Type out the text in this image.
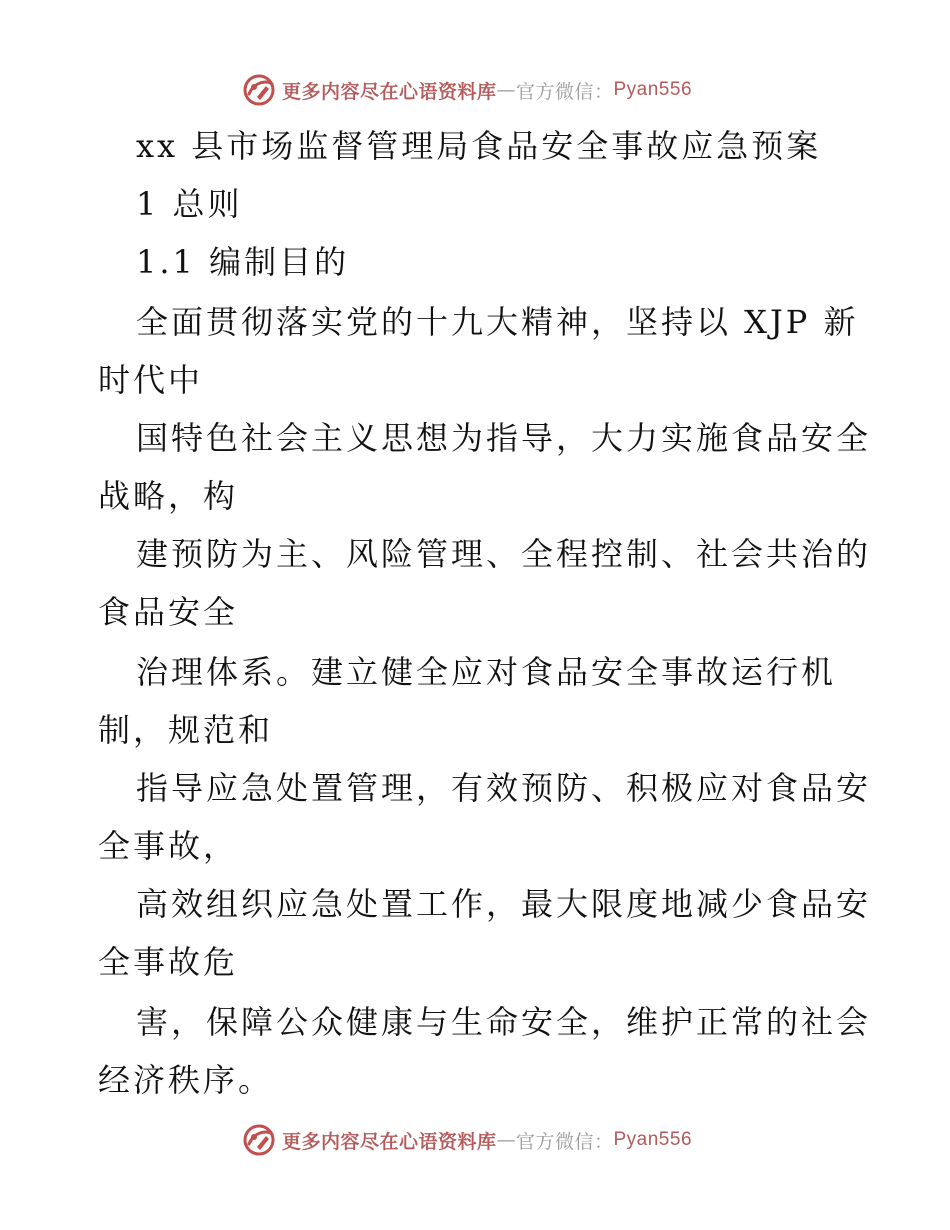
更多内容尽在心语资料库 — 官方微信： Pyan556
xx 县市场监督管理局食品安全事故应急预案
1 总则
1.1 编制目的
全面贯彻落实党的十九大精神，坚持以 XJP 新
时代中
国特色社会主义思想为指导，大力实施食品安全
战略，构
建预防为主、风险管理、全程控制、社会共治的
食品安全
治理体系。建立健全应对食品安全事故运行机
制，规范和
指导应急处置管理，有效预防、积极应对食品安
全事故，
高效组织应急处置工作，最大限度地减少食品安
全事故危
害，保障公众健康与生命安全，维护正常的社会
经济秩序。
更多内容尽在心语资料库 — 官方微信： Pyan556
